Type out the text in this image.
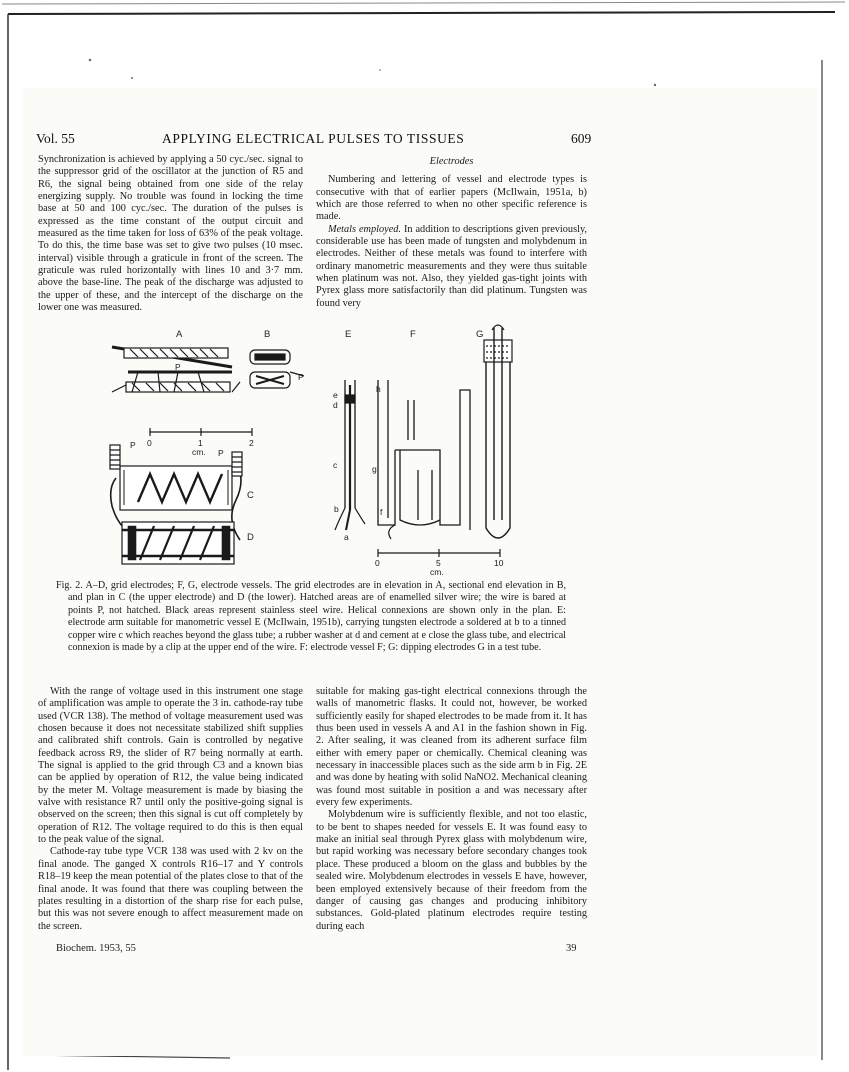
Vol. 55	APPLYING ELECTRICAL PULSES TO TISSUES	609

Synchronization is achieved by applying a 50 cyc./sec. signal to the suppressor grid of the oscillator at the junction of R5 and R6, the signal being obtained from one side of the relay energizing supply. No trouble was found in locking the time base at 50 and 100 cyc./sec. The duration of the pulses is expressed as the time constant of the output circuit and measured as the time taken for loss of 63% of the peak voltage. To do this, the time base was set to give two pulses (10 msec. interval) visible through a graticule in front of the screen. The graticule was ruled horizontally with lines 10 and 3·7 mm. above the base-line. The peak of the discharge was adjusted to the upper of these, and the intercept of the discharge on the lower one was measured.

Electrodes

Numbering and lettering of vessel and electrode types is consecutive with that of earlier papers (McIlwain, 1951a, b) which are those referred to when no other specific reference is made.

Metals employed. In addition to descriptions given previously, considerable use has been made of tungsten and molybdenum in electrodes. Neither of these metals was found to interfere with ordinary manometric measurements and they were thus suitable when platinum was not. Also, they yielded gas-tight joints with Pyrex glass more satisfactorily than did platinum. Tungsten was found very

A	B
C
D
E	F	G
P
P
P
P
a
b
c
d
e
f
g
h
0	1	2
cm.
0	5	10
cm.

Fig. 2. A–D, grid electrodes; F, G, electrode vessels. The grid electrodes are in elevation in A, sectional end elevation in B, and plan in C (the upper electrode) and D (the lower). Hatched areas are of enamelled silver wire; the wire is bared at points P, not hatched. Black areas represent stainless steel wire. Helical connexions are shown only in the plan. E: electrode arm suitable for manometric vessel E (McIlwain, 1951b), carrying tungsten electrode a soldered at b to a tinned copper wire c which reaches beyond the glass tube; a rubber washer at d and cement at e close the glass tube, and electrical connexion is made by a clip at the upper end of the wire. F: electrode vessel F; G: dipping electrodes G in a test tube.

With the range of voltage used in this instrument one stage of amplification was ample to operate the 3 in. cathode-ray tube used (VCR 138). The method of voltage measurement used was chosen because it does not necessitate stabilized shift supplies and calibrated shift controls. Gain is controlled by negative feedback across R9, the slider of R7 being normally at earth. The signal is applied to the grid through C3 and a known bias can be applied by operation of R12, the value being indicated by the meter M. Voltage measurement is made by biasing the valve with resistance R7 until only the positive-going signal is observed on the screen; then this signal is cut off completely by operation of R12. The voltage required to do this is then equal to the peak value of the signal.

Cathode-ray tube type VCR 138 was used with 2 kv on the final anode. The ganged X controls R16–17 and Y controls R18–19 keep the mean potential of the plates close to that of the final anode. It was found that there was coupling between the plates resulting in a distortion of the sharp rise for each pulse, but this was not severe enough to affect measurement made on the screen.

suitable for making gas-tight electrical connexions through the walls of manometric flasks. It could not, however, be worked sufficiently easily for shaped electrodes to be made from it. It has thus been used in vessels A and A1 in the fashion shown in Fig. 2. After sealing, it was cleaned from its adherent surface film either with emery paper or chemically. Chemical cleaning was necessary in inaccessible places such as the side arm b in Fig. 2E and was done by heating with solid NaNO2. Mechanical cleaning was found most suitable in position a and was necessary after every few experiments.

Molybdenum wire is sufficiently flexible, and not too elastic, to be bent to shapes needed for vessels E. It was found easy to make an initial seal through Pyrex glass with molybdenum wire, but rapid working was necessary before secondary changes took place. These produced a bloom on the glass and bubbles by the sealed wire. Molybdenum electrodes in vessels E have, however, been employed extensively because of their freedom from the danger of causing gas changes and producing inhibitory substances. Gold-plated platinum electrodes require testing during each

Biochem. 1953, 55	39
